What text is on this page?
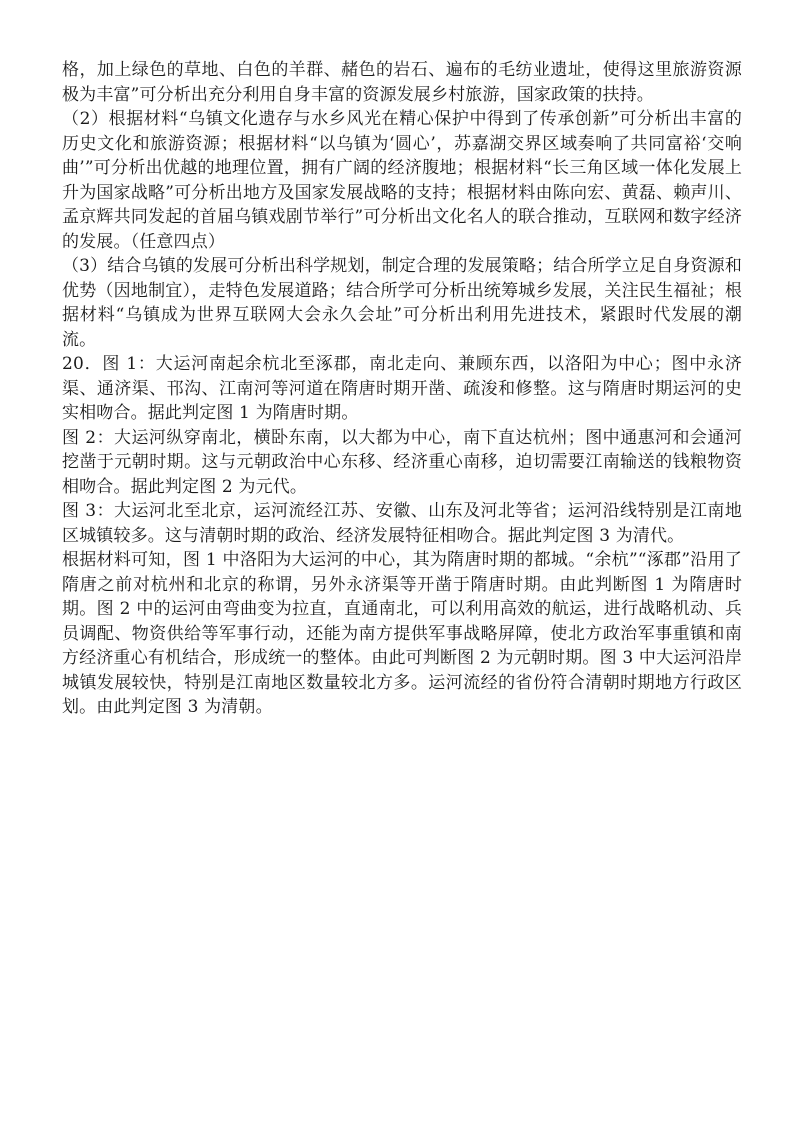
格，加上绿色的草地、白色的羊群、赭色的岩石、遍布的毛纺业遗址，使得这里旅游资源极为丰富”可分析出充分利用自身丰富的资源发展乡村旅游，国家政策的扶持。

（2）根据材料“乌镇文化遗存与水乡风光在精心保护中得到了传承创新”可分析出丰富的历史文化和旅游资源；根据材料“以乌镇为‘圆心’，苏嘉湖交界区域奏响了共同富裕‘交响曲’”可分析出优越的地理位置，拥有广阔的经济腹地；根据材料“长三角区域一体化发展上升为国家战略”可分析出地方及国家发展战略的支持；根据材料由陈向宏、黄磊、赖声川、孟京辉共同发起的首届乌镇戏剧节举行”可分析出文化名人的联合推动，互联网和数字经济的发展。（任意四点）

（3）结合乌镇的发展可分析出科学规划，制定合理的发展策略；结合所学立足自身资源和优势（因地制宜），走特色发展道路；结合所学可分析出统筹城乡发展，关注民生福祉；根据材料“乌镇成为世界互联网大会永久会址”可分析出利用先进技术，紧跟时代发展的潮流。

20．图 1：大运河南起余杭北至涿郡，南北走向、兼顾东西，以洛阳为中心；图中永济渠、通济渠、邗沟、江南河等河道在隋唐时期开凿、疏浚和修整。这与隋唐时期运河的史实相吻合。据此判定图 1 为隋唐时期。

图 2：大运河纵穿南北，横卧东南，以大都为中心，南下直达杭州；图中通惠河和会通河挖凿于元朝时期。这与元朝政治中心东移、经济重心南移，迫切需要江南输送的钱粮物资相吻合。据此判定图 2 为元代。

图 3：大运河北至北京，运河流经江苏、安徽、山东及河北等省；运河沿线特别是江南地区城镇较多。这与清朝时期的政治、经济发展特征相吻合。据此判定图 3 为清代。

根据材料可知，图 1 中洛阳为大运河的中心，其为隋唐时期的都城。“余杭”“涿郡”沿用了隋唐之前对杭州和北京的称谓，另外永济渠等开凿于隋唐时期。由此判断图 1 为隋唐时期。图 2 中的运河由弯曲变为拉直，直通南北，可以利用高效的航运，进行战略机动、兵员调配、物资供给等军事行动，还能为南方提供军事战略屏障，使北方政治军事重镇和南方经济重心有机结合，形成统一的整体。由此可判断图 2 为元朝时期。图 3 中大运河沿岸城镇发展较快，特别是江南地区数量较北方多。运河流经的省份符合清朝时期地方行政区划。由此判定图 3 为清朝。
